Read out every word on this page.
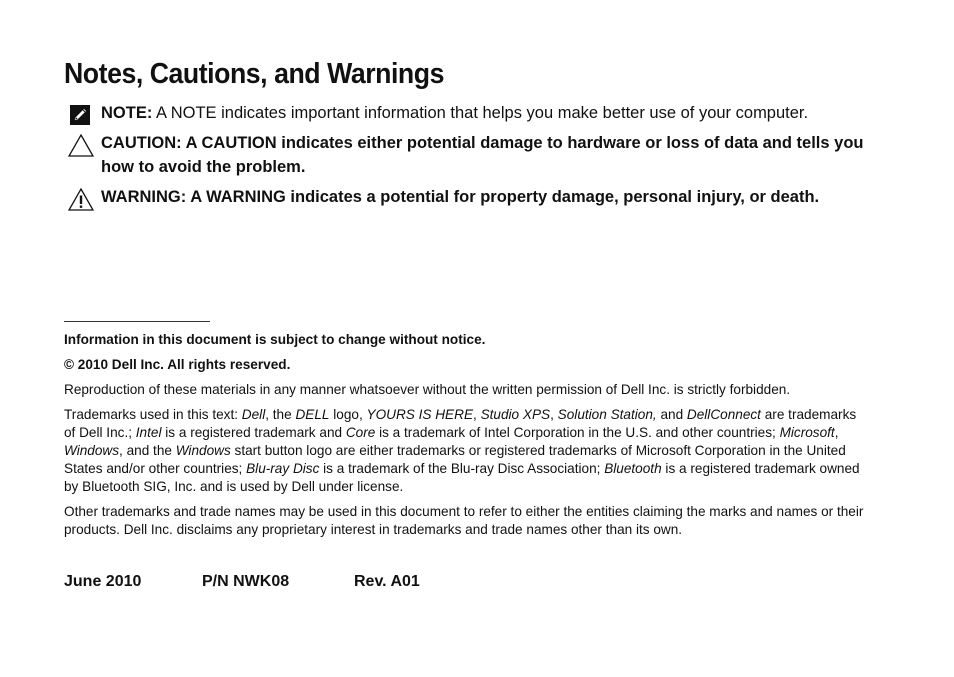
Notes, Cautions, and Warnings
NOTE: A NOTE indicates important information that helps you make better use of your computer.
CAUTION: A CAUTION indicates either potential damage to hardware or loss of data and tells you how to avoid the problem.
WARNING: A WARNING indicates a potential for property damage, personal injury, or death.

Information in this document is subject to change without notice.

© 2010 Dell Inc. All rights reserved.

Reproduction of these materials in any manner whatsoever without the written permission of Dell Inc. is strictly forbidden.

Trademarks used in this text: Dell, the DELL logo, YOURS IS HERE, Studio XPS, Solution Station, and DellConnect are trademarks of Dell Inc.; Intel is a registered trademark and Core is a trademark of Intel Corporation in the U.S. and other countries; Microsoft, Windows, and the Windows start button logo are either trademarks or registered trademarks of Microsoft Corporation in the United States and/or other countries; Blu-ray Disc is a trademark of the Blu-ray Disc Association; Bluetooth is a registered trademark owned by Bluetooth SIG, Inc. and is used by Dell under license.

Other trademarks and trade names may be used in this document to refer to either the entities claiming the marks and names or their products. Dell Inc. disclaims any proprietary interest in trademarks and trade names other than its own.

June 2010	P/N NWK08	Rev. A01
